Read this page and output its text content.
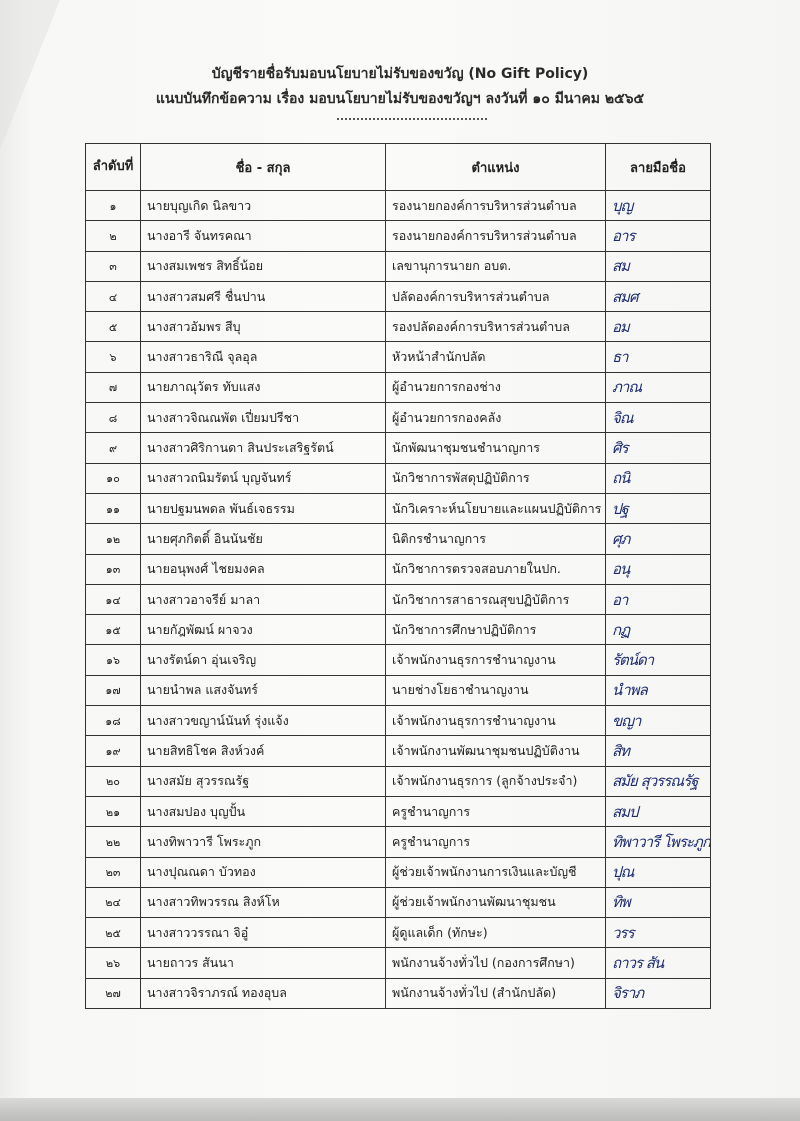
บัญชีรายชื่อรับมอบนโยบายไม่รับของขวัญ (No Gift Policy)
แนบบันทึกข้อความ เรื่อง มอบนโยบายไม่รับของขวัญฯ ลงวันที่ ๑๐ มีนาคม ๒๕๖๕
ลำดับที่	ชื่อ - สกุล	ตำแหน่ง	ลายมือชื่อ
๑	นายบุญเกิด นิลขาว	รองนายกองค์การบริหารส่วนตำบล	บุญ
๒	นางอารี จันทรคณา	รองนายกองค์การบริหารส่วนตำบล	อาร
๓	นางสมเพชร สิทธิ์น้อย	เลขานุการนายก อบต.	สม
๔	นางสาวสมศรี ชื่นปาน	ปลัดองค์การบริหารส่วนตำบล	สมศ
๕	นางสาวอัมพร สีบุ	รองปลัดองค์การบริหารส่วนตำบล	อม
๖	นางสาวธาริณี จุลอุล	หัวหน้าสำนักปลัด	ธา
๗	นายภาณุวัตร ทับแสง	ผู้อำนวยการกองช่าง	ภาณ
๘	นางสาวจิณณพัต เปี่ยมปรีชา	ผู้อำนวยการกองคลัง	จิณ
๙	นางสาวศิริกานดา สินประเสริฐรัตน์	นักพัฒนาชุมชนชำนาญการ	ศิร
๑๐	นางสาวถนิมรัตน์ บุญจันทร์	นักวิชาการพัสดุปฏิบัติการ	ถนิ
๑๑	นายปฐมนพดล พันธ์เจธรรม	นักวิเคราะห์นโยบายและแผนปฏิบัติการ	ปฐ
๑๒	นายศุภกิตติ์ อินนันชัย	นิติกรชำนาญการ	ศุภ
๑๓	นายอนุพงศ์ ไชยมงคล	นักวิชาการตรวจสอบภายในปก.	อนุ
๑๔	นางสาวอาจรีย์ มาลา	นักวิชาการสาธารณสุขปฏิบัติการ	อา
๑๕	นายกัฎพัฒน์ ผาจวง	นักวิชาการศึกษาปฏิบัติการ	กฏ
๑๖	นางรัตน์ดา อุ่นเจริญ	เจ้าพนักงานธุรการชำนาญงาน	รัตน์ดา
๑๗	นายนำพล แสงจันทร์	นายช่างโยธาชำนาญงาน	นำพล
๑๘	นางสาวขญาน์นันท์ รุ่งแจ้ง	เจ้าพนักงานธุรการชำนาญงาน	ขญา
๑๙	นายสิทธิโชค สิงห์วงค์	เจ้าพนักงานพัฒนาชุมชนปฏิบัติงาน	สิท
๒๐	นางสมัย สุวรรณรัฐ	เจ้าพนักงานธุรการ (ลูกจ้างประจำ)	สมัย สุวรรณรัฐ
๒๑	นางสมปอง บุญปั้น	ครูชำนาญการ	สมป
๒๒	นางทิพาวารี โพระภูก	ครูชำนาญการ	ทิพาวารี โพระภูก
๒๓	นางปุณณดา บัวทอง	ผู้ช่วยเจ้าพนักงานการเงินและบัญชี	ปุณ
๒๔	นางสาวทิพวรรณ สิงห์โห	ผู้ช่วยเจ้าพนักงานพัฒนาชุมชน	ทิพ
๒๕	นางสาววรรณา จิอู๋	ผู้ดูแลเด็ก (ทักษะ)	วรร
๒๖	นายถาวร สันนา	พนักงานจ้างทั่วไป (กองการศึกษา)	ถาวร สัน
๒๗	นางสาวจิราภรณ์ ทองอุบล	พนักงานจ้างทั่วไป (สำนักปลัด)	จิราภ
